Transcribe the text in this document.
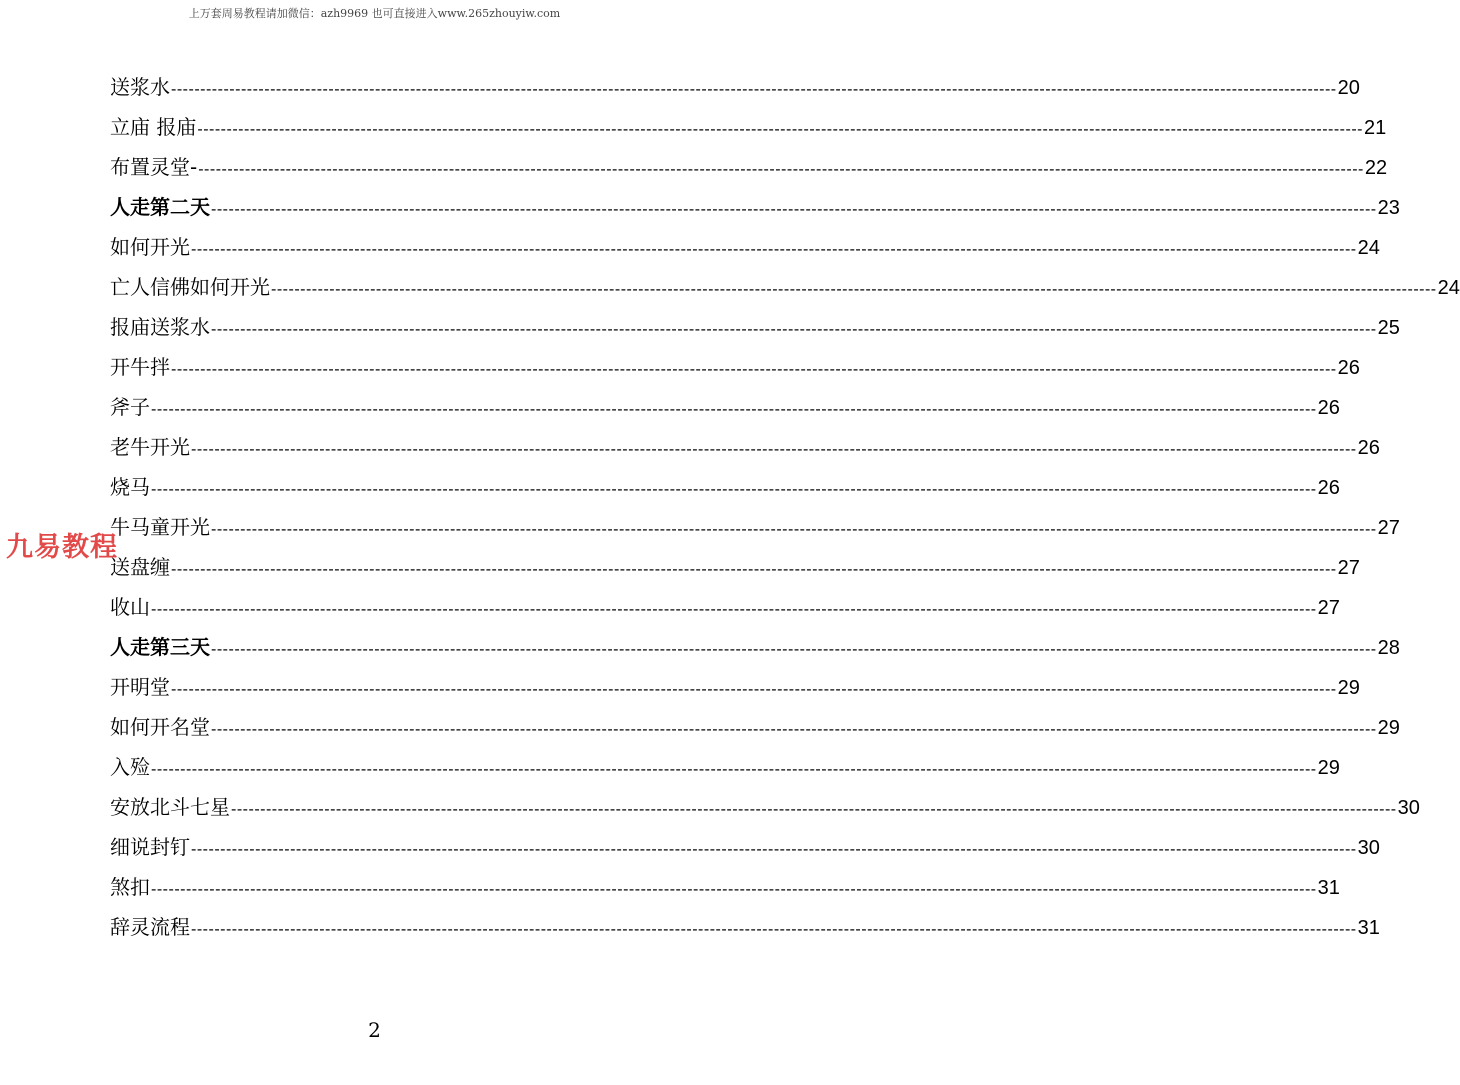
上万套周易教程请加微信：azh9969 也可直接进入www.265zhouyiw.com
九易教程
送浆水 -------------------------------------------------------------------------------------------------------------------------------------------------------------------------------------------------------- 20
立庙 报庙 -------------------------------------------------------------------------------------------------------------------------------------------------------------------------------------------------------- 21
布置灵堂- -------------------------------------------------------------------------------------------------------------------------------------------------------------------------------------------------------- 22
人走第二天 -------------------------------------------------------------------------------------------------------------------------------------------------------------------------------------------------------- 23
如何开光 -------------------------------------------------------------------------------------------------------------------------------------------------------------------------------------------------------- 24
亡人信佛如何开光 -------------------------------------------------------------------------------------------------------------------------------------------------------------------------------------------------------- 24
报庙送浆水 -------------------------------------------------------------------------------------------------------------------------------------------------------------------------------------------------------- 25
开牛拌 -------------------------------------------------------------------------------------------------------------------------------------------------------------------------------------------------------- 26
斧子 -------------------------------------------------------------------------------------------------------------------------------------------------------------------------------------------------------- 26
老牛开光 -------------------------------------------------------------------------------------------------------------------------------------------------------------------------------------------------------- 26
烧马 -------------------------------------------------------------------------------------------------------------------------------------------------------------------------------------------------------- 26
牛马童开光 -------------------------------------------------------------------------------------------------------------------------------------------------------------------------------------------------------- 27
送盘缠 -------------------------------------------------------------------------------------------------------------------------------------------------------------------------------------------------------- 27
收山 -------------------------------------------------------------------------------------------------------------------------------------------------------------------------------------------------------- 27
人走第三天 -------------------------------------------------------------------------------------------------------------------------------------------------------------------------------------------------------- 28
开明堂 -------------------------------------------------------------------------------------------------------------------------------------------------------------------------------------------------------- 29
如何开名堂 -------------------------------------------------------------------------------------------------------------------------------------------------------------------------------------------------------- 29
入殓 -------------------------------------------------------------------------------------------------------------------------------------------------------------------------------------------------------- 29
安放北斗七星 -------------------------------------------------------------------------------------------------------------------------------------------------------------------------------------------------------- 30
细说封钉 -------------------------------------------------------------------------------------------------------------------------------------------------------------------------------------------------------- 30
煞扣 -------------------------------------------------------------------------------------------------------------------------------------------------------------------------------------------------------- 31
辞灵流程 -------------------------------------------------------------------------------------------------------------------------------------------------------------------------------------------------------- 31
2
